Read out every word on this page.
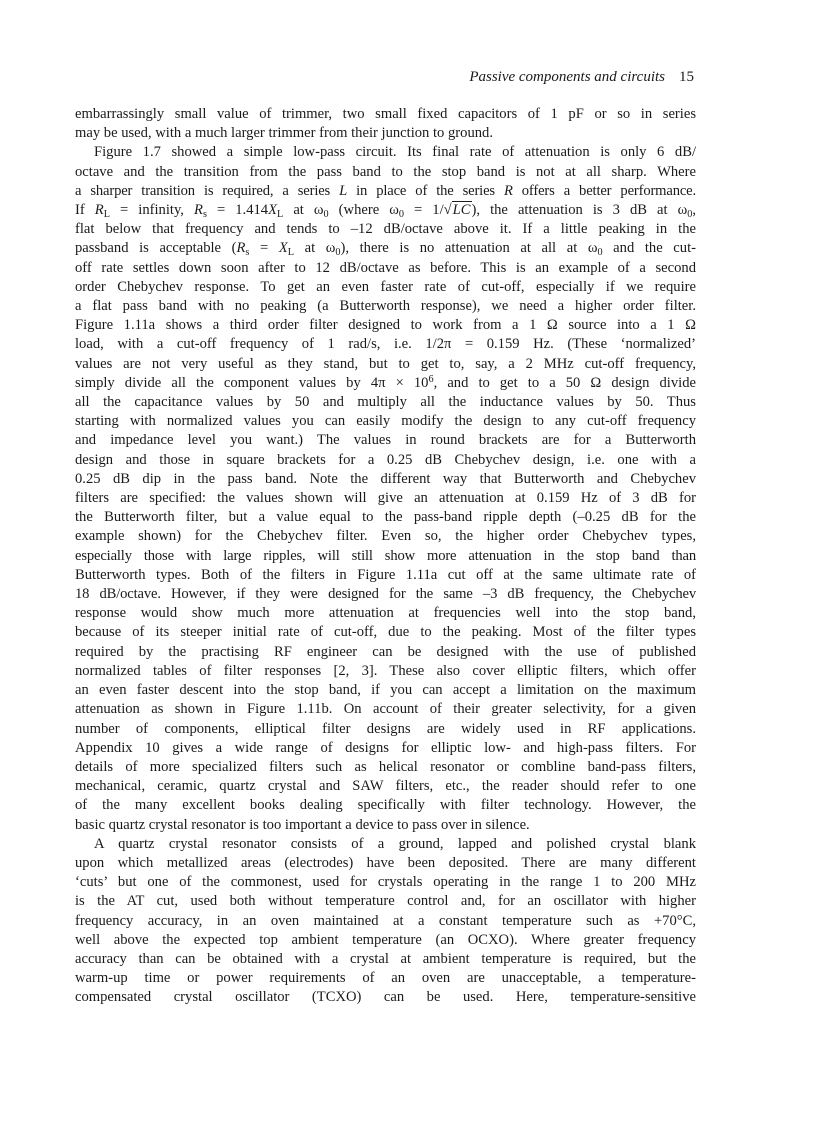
Passive components and circuits 15
embarrassingly small value of trimmer, two small fixed capacitors of 1 pF or so in series
may be used, with a much larger trimmer from their junction to ground.
Figure 1.7 showed a simple low-pass circuit. Its final rate of attenuation is only 6 dB/
octave and the transition from the pass band to the stop band is not at all sharp. Where
a sharper transition is required, a series L in place of the series R offers a better performance.
If $R_L$ = infinity, $R_s = 1.414X_L$ at $\omega_0$ (where $\omega_0 = 1/√LC$), the attenuation is 3 dB at $\omega_0$,
flat below that frequency and tends to –12 dB/octave above it. If a little peaking in the
passband is acceptable ($R_s = X_L$ at $\omega_0$), there is no attenuation at all at $\omega_0$ and the cut-
off rate settles down soon after to 12 dB/octave as before. This is an example of a second
order Chebychev response. To get an even faster rate of cut-off, especially if we require
a flat pass band with no peaking (a Butterworth response), we need a higher order filter.
Figure 1.11a shows a third order filter designed to work from a 1 Ω source into a 1 Ω
load, with a cut-off frequency of 1 rad/s, i.e. 1/2π = 0.159 Hz. (These ‘normalized’
values are not very useful as they stand, but to get to, say, a 2 MHz cut-off frequency,
simply divide all the component values by $4\pi \times 10^6$, and to get to a 50 Ω design divide
all the capacitance values by 50 and multiply all the inductance values by 50. Thus
starting with normalized values you can easily modify the design to any cut-off frequency
and impedance level you want.) The values in round brackets are for a Butterworth
design and those in square brackets for a 0.25 dB Chebychev design, i.e. one with a
0.25 dB dip in the pass band. Note the different way that Butterworth and Chebychev
filters are specified: the values shown will give an attenuation at 0.159 Hz of 3 dB for
the Butterworth filter, but a value equal to the pass-band ripple depth (–0.25 dB for the
example shown) for the Chebychev filter. Even so, the higher order Chebychev types,
especially those with large ripples, will still show more attenuation in the stop band than
Butterworth types. Both of the filters in Figure 1.11a cut off at the same ultimate rate of
18 dB/octave. However, if they were designed for the same –3 dB frequency, the Chebychev
response would show much more attenuation at frequencies well into the stop band,
because of its steeper initial rate of cut-off, due to the peaking. Most of the filter types
required by the practising RF engineer can be designed with the use of published
normalized tables of filter responses [2, 3]. These also cover elliptic filters, which offer
an even faster descent into the stop band, if you can accept a limitation on the maximum
attenuation as shown in Figure 1.11b. On account of their greater selectivity, for a given
number of components, elliptical filter designs are widely used in RF applications.
Appendix 10 gives a wide range of designs for elliptic low- and high-pass filters. For
details of more specialized filters such as helical resonator or combline band-pass filters,
mechanical, ceramic, quartz crystal and SAW filters, etc., the reader should refer to one
of the many excellent books dealing specifically with filter technology. However, the
basic quartz crystal resonator is too important a device to pass over in silence.
A quartz crystal resonator consists of a ground, lapped and polished crystal blank
upon which metallized areas (electrodes) have been deposited. There are many different
‘cuts’ but one of the commonest, used for crystals operating in the range 1 to 200 MHz
is the AT cut, used both without temperature control and, for an oscillator with higher
frequency accuracy, in an oven maintained at a constant temperature such as +70°C,
well above the expected top ambient temperature (an OCXO). Where greater frequency
accuracy than can be obtained with a crystal at ambient temperature is required, but the
warm-up time or power requirements of an oven are unacceptable, a temperature-
compensated crystal oscillator (TCXO) can be used. Here, temperature-sensitive
